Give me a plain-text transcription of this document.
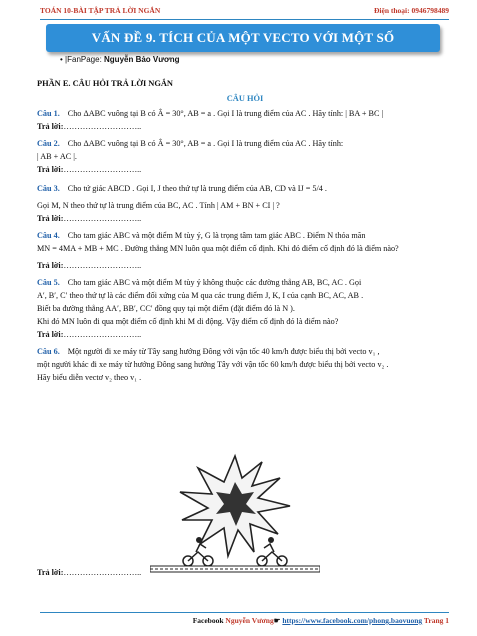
TOÁN 10-BÀI TẬP TRẢ LỜI NGẮN	Điện thoại: 0946798489
VẤN ĐỀ 9. TÍCH CỦA MỘT VECTO VỚI MỘT SỐ
• |FanPage: Nguyễn Bảo Vương
PHẦN E. CÂU HỎI TRẢ LỜI NGẮN
CÂU HỎI
Câu 1. Cho ΔABC vuông tại B có Â = 30°, AB = a . Gọi I là trung điểm của AC . Hãy tính: | BA + BC |
Trả lời:………………………..
Câu 2. Cho ΔABC vuông tại B có Â = 30°, AB = a . Gọi I là trung điểm của AC . Hãy tính:
| AB + AC |.
Trả lời:………………………..
Câu 3. Cho tứ giác ABCD . Gọi I, J theo thứ tự là trung điểm của AB, CD và IJ = 5/4 .
Gọi M, N theo thứ tự là trung điểm của BC, AC . Tính | AM + BN + CI | ?
Trả lời:………………………..
Câu 4. Cho tam giác ABC và một điểm M tùy ý, G là trọng tâm tam giác ABC . Điểm N thỏa mãn
MN = 4MA + MB + MC . Đường thẳng MN luôn qua một điểm cố định. Khi đó điểm cố định đó là điểm nào?
Trả lời:………………………..
Câu 5. Cho tam giác ABC và một điểm M tùy ý không thuộc các đường thẳng AB, BC, AC . Gọi
A′, B′, C′ theo thứ tự là các điểm đối xứng của M qua các trung điểm J, K, I của cạnh BC, AC, AB .
Biết ba đường thẳng AA′, BB′, CC′ đồng quy tại một điểm (đặt điểm đó là N ).
Khi đó MN luôn đi qua một điểm cố định khi M di động. Vậy điểm cố định đó là điểm nào?
Trả lời:………………………..
Câu 6. Một người đi xe máy từ Tây sang hướng Đông với vận tốc 40 km/h được biểu thị bởi vecto v₁ ,
một người khác đi xe máy từ hướng Đông sang hướng Tây với vận tốc 60 km/h được biểu thị bởi vecto v₂ .
Hãy biểu diễn vectơ v₂ theo v₁ .
Trả lời:………………………..
Facebook Nguyễn Vương☛ https://www.facebook.com/phong.baovuong Trang 1
